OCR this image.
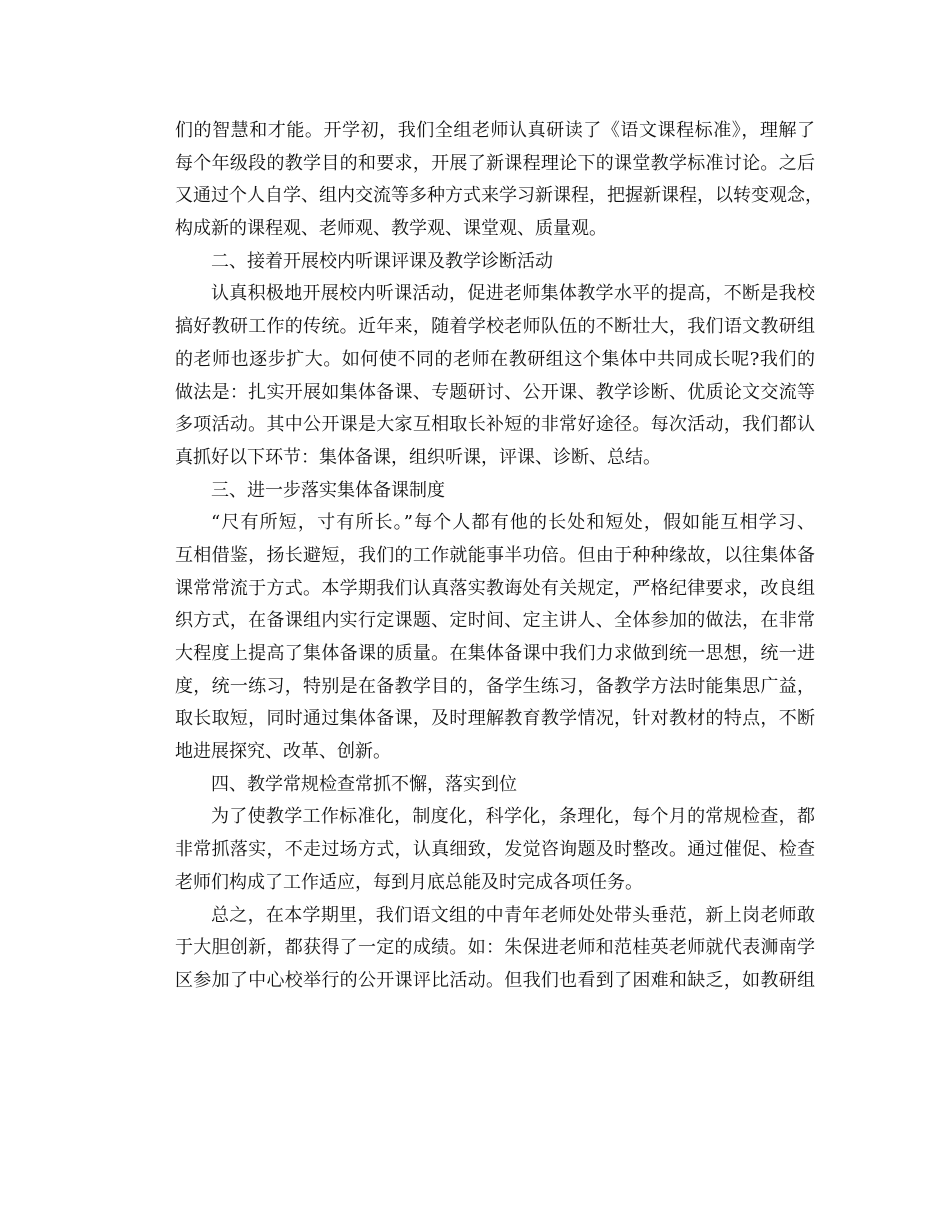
们的智慧和才能。开学初，我们全组老师认真研读了《语文课程标准》，理解了
每个年级段的教学目的和要求，开展了新课程理论下的课堂教学标准讨论。之后
又通过个人自学、组内交流等多种方式来学习新课程，把握新课程，以转变观念，
构成新的课程观、老师观、教学观、课堂观、质量观。
二、接着开展校内听课评课及教学诊断活动
认真积极地开展校内听课活动，促进老师集体教学水平的提高，不断是我校
搞好教研工作的传统。近年来，随着学校老师队伍的不断壮大，我们语文教研组
的老师也逐步扩大。如何使不同的老师在教研组这个集体中共同成长呢?我们的
做法是：扎实开展如集体备课、专题研讨、公开课、教学诊断、优质论文交流等
多项活动。其中公开课是大家互相取长补短的非常好途径。每次活动，我们都认
真抓好以下环节：集体备课，组织听课，评课、诊断、总结。
三、进一步落实集体备课制度
“尺有所短，寸有所长。”每个人都有他的长处和短处，假如能互相学习、
互相借鉴，扬长避短，我们的工作就能事半功倍。但由于种种缘故，以往集体备
课常常流于方式。本学期我们认真落实教诲处有关规定，严格纪律要求，改良组
织方式，在备课组内实行定课题、定时间、定主讲人、全体参加的做法，在非常
大程度上提高了集体备课的质量。在集体备课中我们力求做到统一思想，统一进
度，统一练习，特别是在备教学目的，备学生练习，备教学方法时能集思广益，
取长取短，同时通过集体备课，及时理解教育教学情况，针对教材的特点，不断
地进展探究、改革、创新。
四、教学常规检查常抓不懈，落实到位
为了使教学工作标准化，制度化，科学化，条理化，每个月的常规检查，都
非常抓落实，不走过场方式，认真细致，发觉咨询题及时整改。通过催促、检查
老师们构成了工作适应，每到月底总能及时完成各项任务。
总之，在本学期里，我们语文组的中青年老师处处带头垂范，新上岗老师敢
于大胆创新，都获得了一定的成绩。如：朱保进老师和范桂英老师就代表浉南学
区参加了中心校举行的公开课评比活动。但我们也看到了困难和缺乏，如教研组
